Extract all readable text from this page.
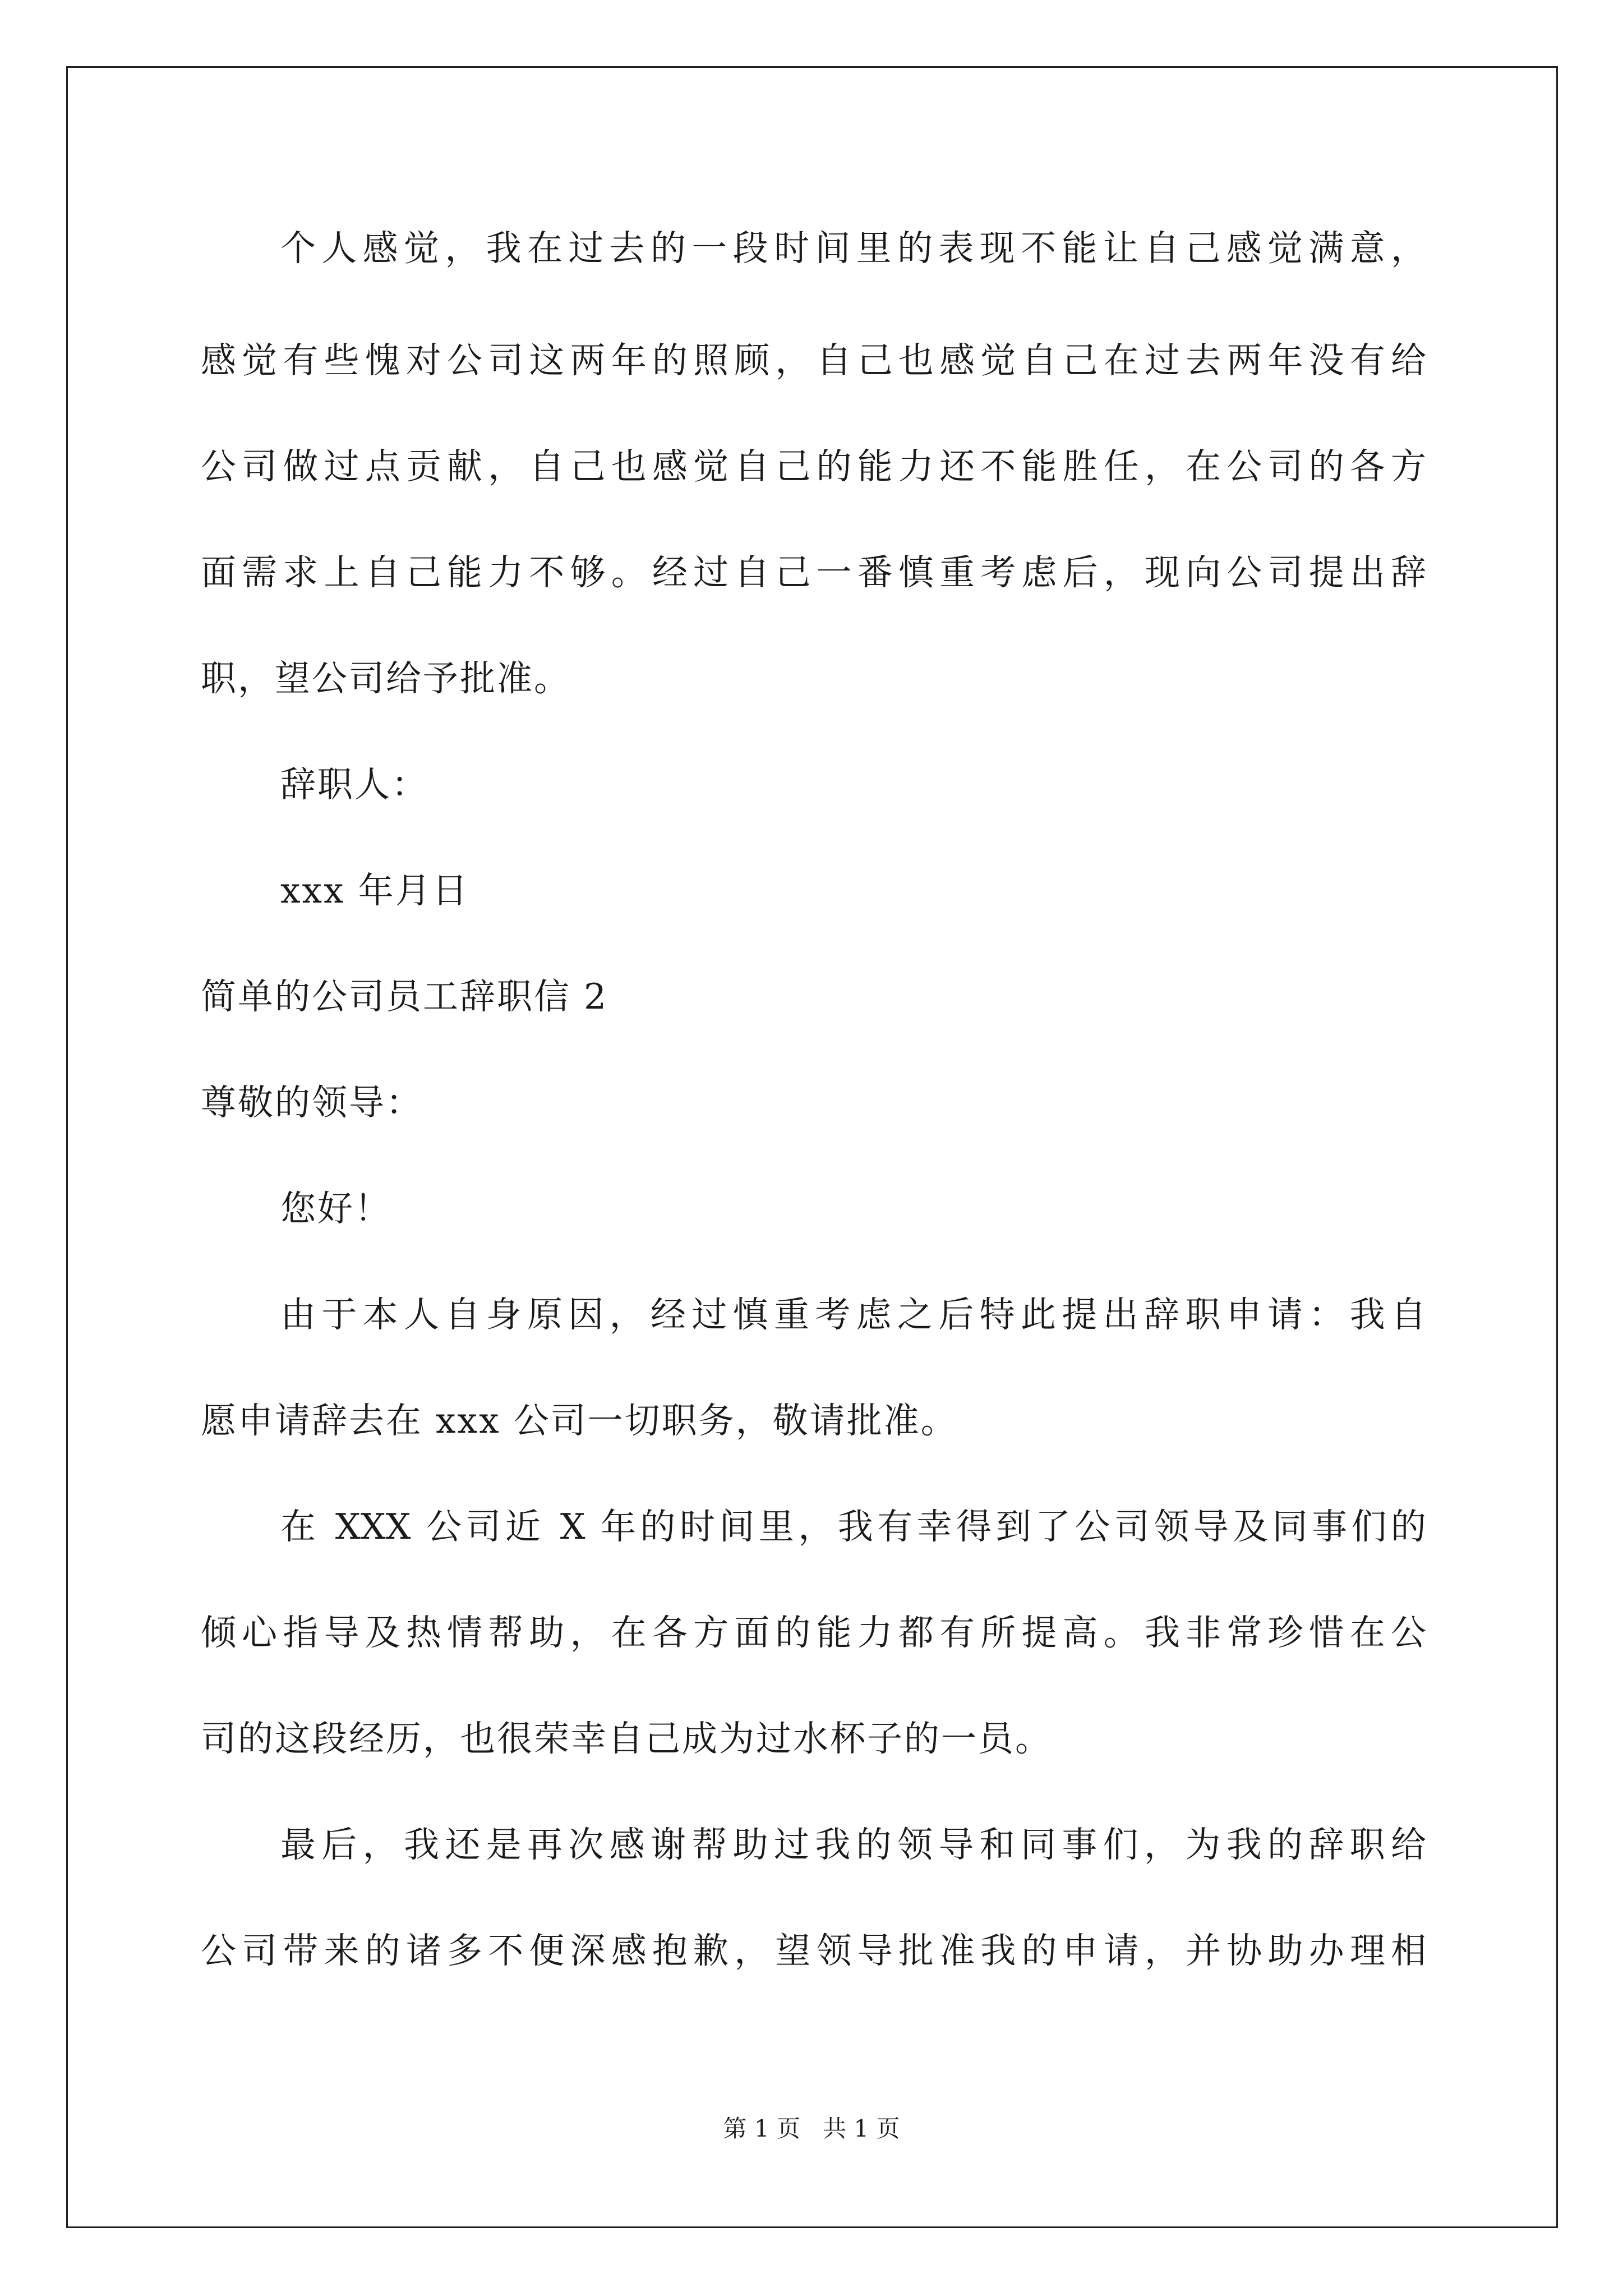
个人感觉，我在过去的一段时间里的表现不能让自己感觉满意，
感觉有些愧对公司这两年的照顾，自己也感觉自己在过去两年没有给
公司做过点贡献，自己也感觉自己的能力还不能胜任，在公司的各方
面需求上自己能力不够。经过自己一番慎重考虑后，现向公司提出辞
职，望公司给予批准。
辞职人：
xxx 年月日
简单的公司员工辞职信 2
尊敬的领导：
您好！
由于本人自身原因，经过慎重考虑之后特此提出辞职申请：我自
愿申请辞去在 xxx 公司一切职务，敬请批准。
在 XXX 公司近 X 年的时间里，我有幸得到了公司领导及同事们的
倾心指导及热情帮助，在各方面的能力都有所提高。我非常珍惜在公
司的这段经历，也很荣幸自己成为过水杯子的一员。
最后，我还是再次感谢帮助过我的领导和同事们，为我的辞职给
公司带来的诸多不便深感抱歉，望领导批准我的申请，并协助办理相
第 1 页   共 1 页
